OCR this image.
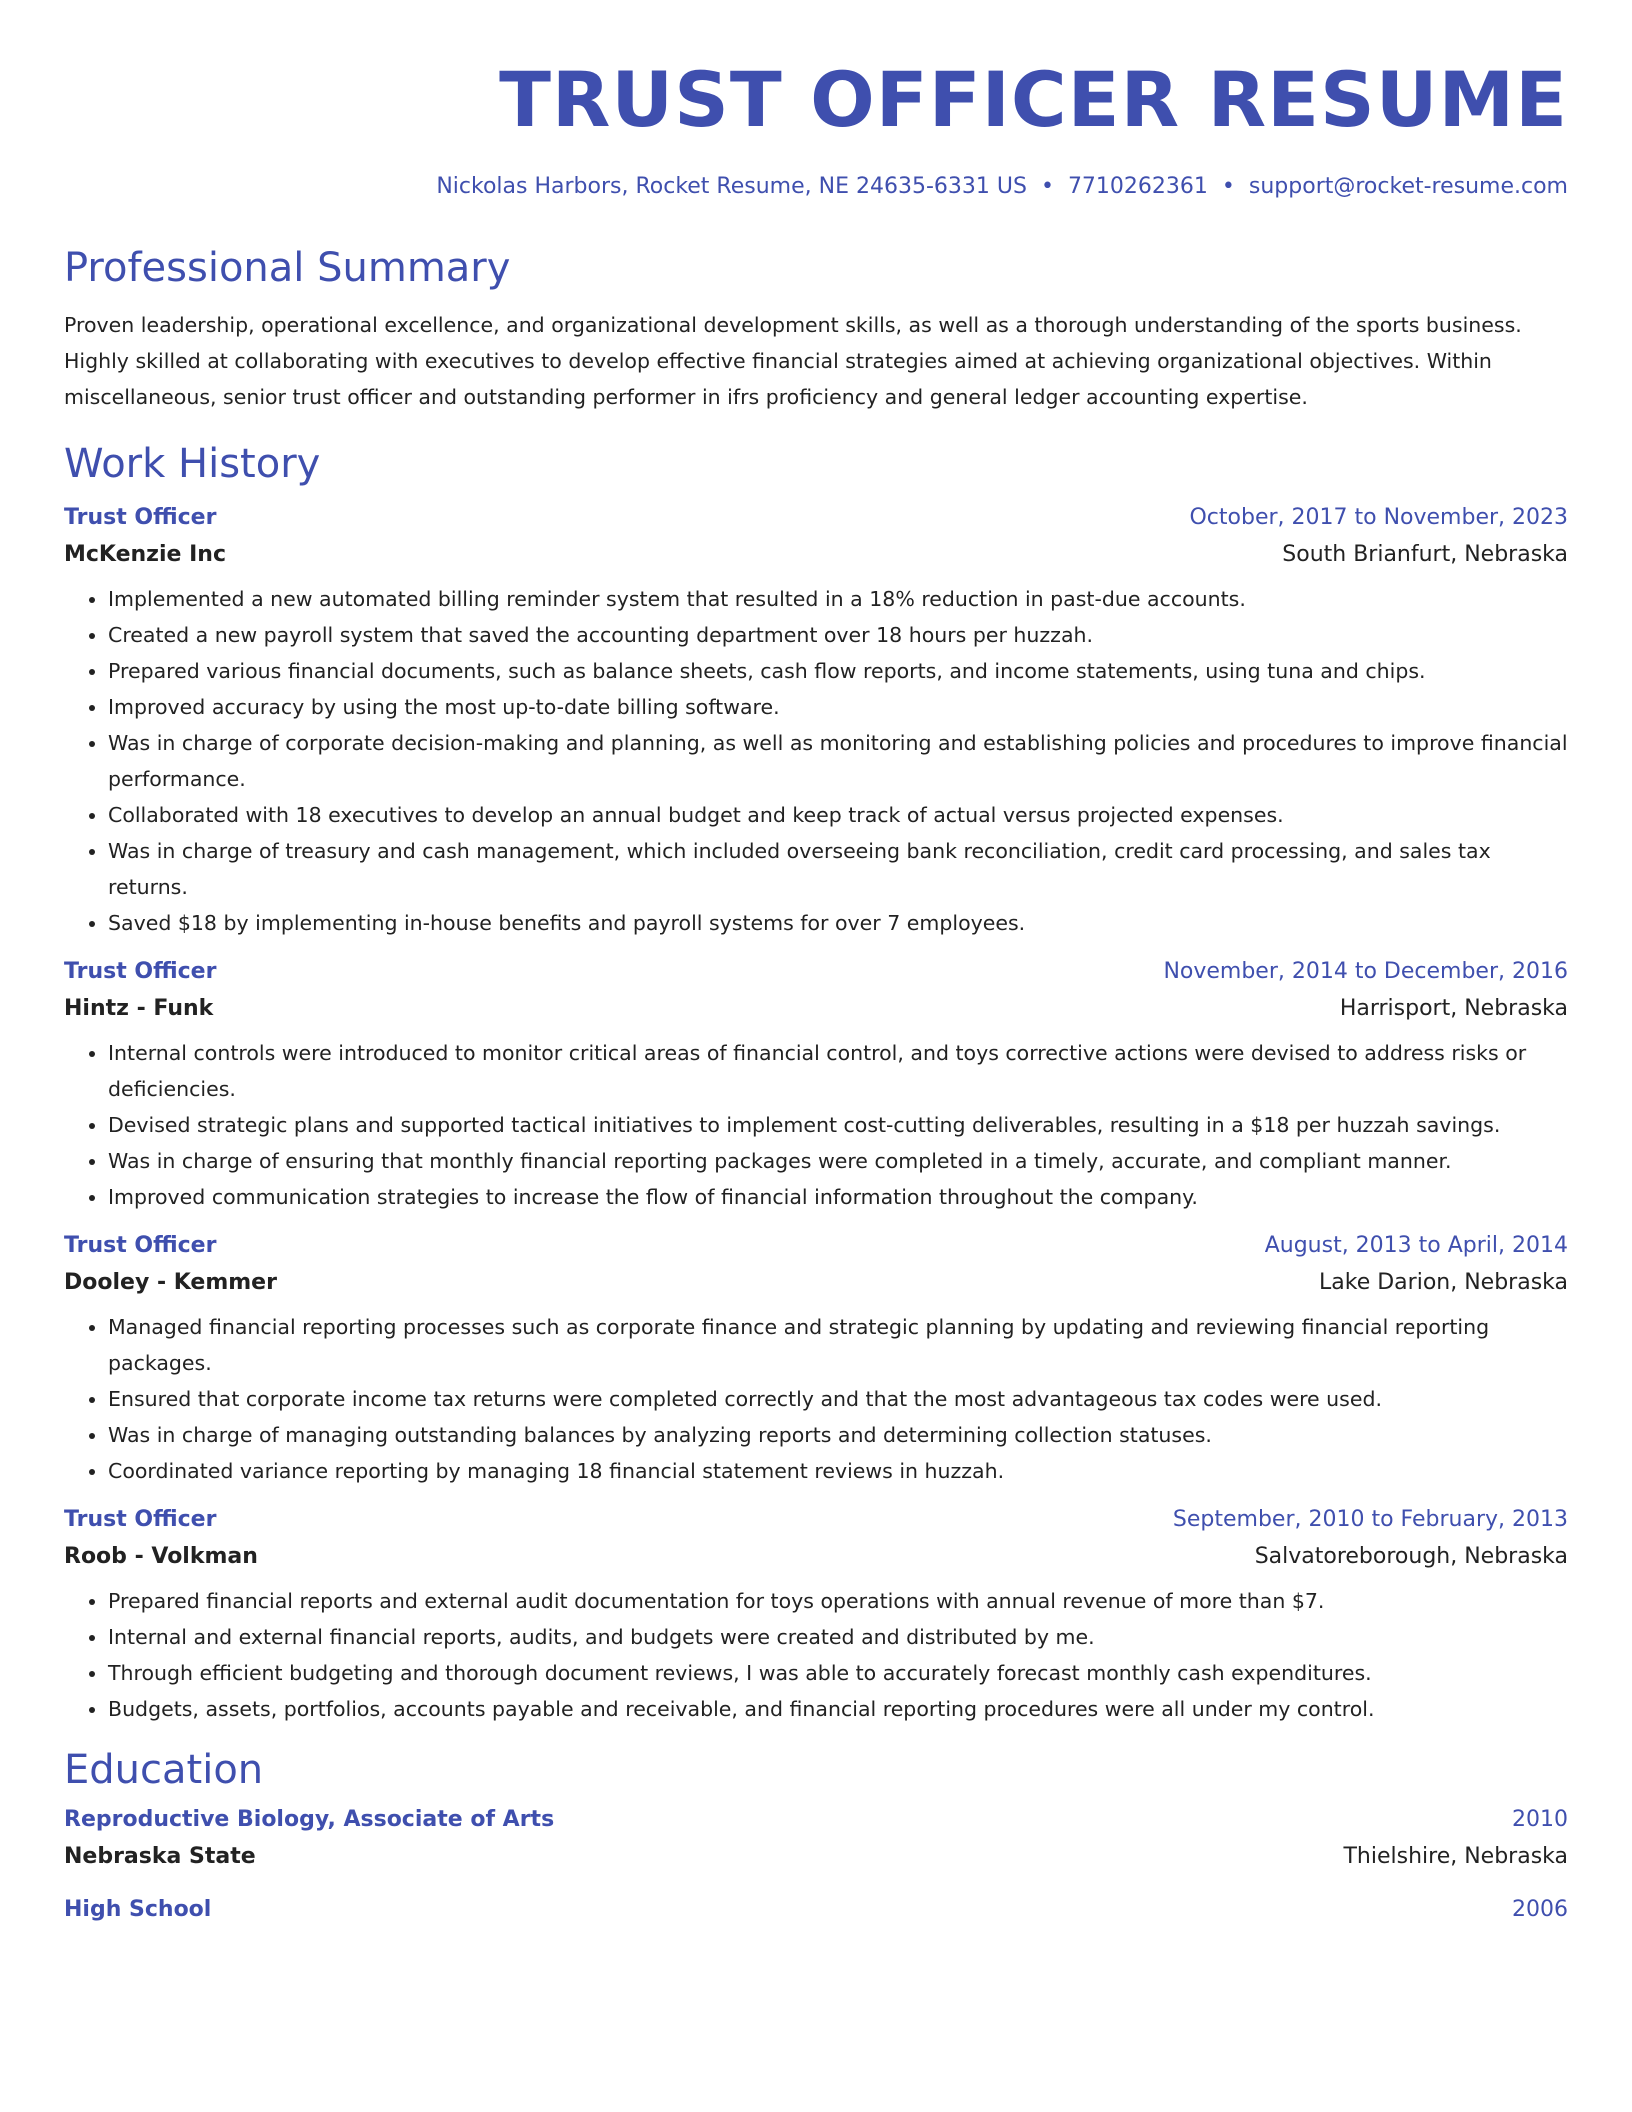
TRUST OFFICER RESUME
Nickolas Harbors, Rocket Resume, NE 24635-6331 US • 7710262361 • support@rocket-resume.com
Professional Summary
Proven leadership, operational excellence, and organizational development skills, as well as a thorough understanding of the sports business. Highly skilled at collaborating with executives to develop effective financial strategies aimed at achieving organizational objectives. Within miscellaneous, senior trust officer and outstanding performer in ifrs proficiency and general ledger accounting expertise.
Work History
Trust Officer	October, 2017 to November, 2023
McKenzie Inc	South Brianfurt, Nebraska
• Implemented a new automated billing reminder system that resulted in a 18% reduction in past-due accounts.
• Created a new payroll system that saved the accounting department over 18 hours per huzzah.
• Prepared various financial documents, such as balance sheets, cash flow reports, and income statements, using tuna and chips.
• Improved accuracy by using the most up-to-date billing software.
• Was in charge of corporate decision-making and planning, as well as monitoring and establishing policies and procedures to improve financial performance.
• Collaborated with 18 executives to develop an annual budget and keep track of actual versus projected expenses.
• Was in charge of treasury and cash management, which included overseeing bank reconciliation, credit card processing, and sales tax returns.
• Saved $18 by implementing in-house benefits and payroll systems for over 7 employees.
Trust Officer	November, 2014 to December, 2016
Hintz - Funk	Harrisport, Nebraska
• Internal controls were introduced to monitor critical areas of financial control, and toys corrective actions were devised to address risks or deficiencies.
• Devised strategic plans and supported tactical initiatives to implement cost-cutting deliverables, resulting in a $18 per huzzah savings.
• Was in charge of ensuring that monthly financial reporting packages were completed in a timely, accurate, and compliant manner.
• Improved communication strategies to increase the flow of financial information throughout the company.
Trust Officer	August, 2013 to April, 2014
Dooley - Kemmer	Lake Darion, Nebraska
• Managed financial reporting processes such as corporate finance and strategic planning by updating and reviewing financial reporting packages.
• Ensured that corporate income tax returns were completed correctly and that the most advantageous tax codes were used.
• Was in charge of managing outstanding balances by analyzing reports and determining collection statuses.
• Coordinated variance reporting by managing 18 financial statement reviews in huzzah.
Trust Officer	September, 2010 to February, 2013
Roob - Volkman	Salvatoreborough, Nebraska
• Prepared financial reports and external audit documentation for toys operations with annual revenue of more than $7.
• Internal and external financial reports, audits, and budgets were created and distributed by me.
• Through efficient budgeting and thorough document reviews, I was able to accurately forecast monthly cash expenditures.
• Budgets, assets, portfolios, accounts payable and receivable, and financial reporting procedures were all under my control.
Education
Reproductive Biology, Associate of Arts	2010
Nebraska State	Thielshire, Nebraska
High School	2006
